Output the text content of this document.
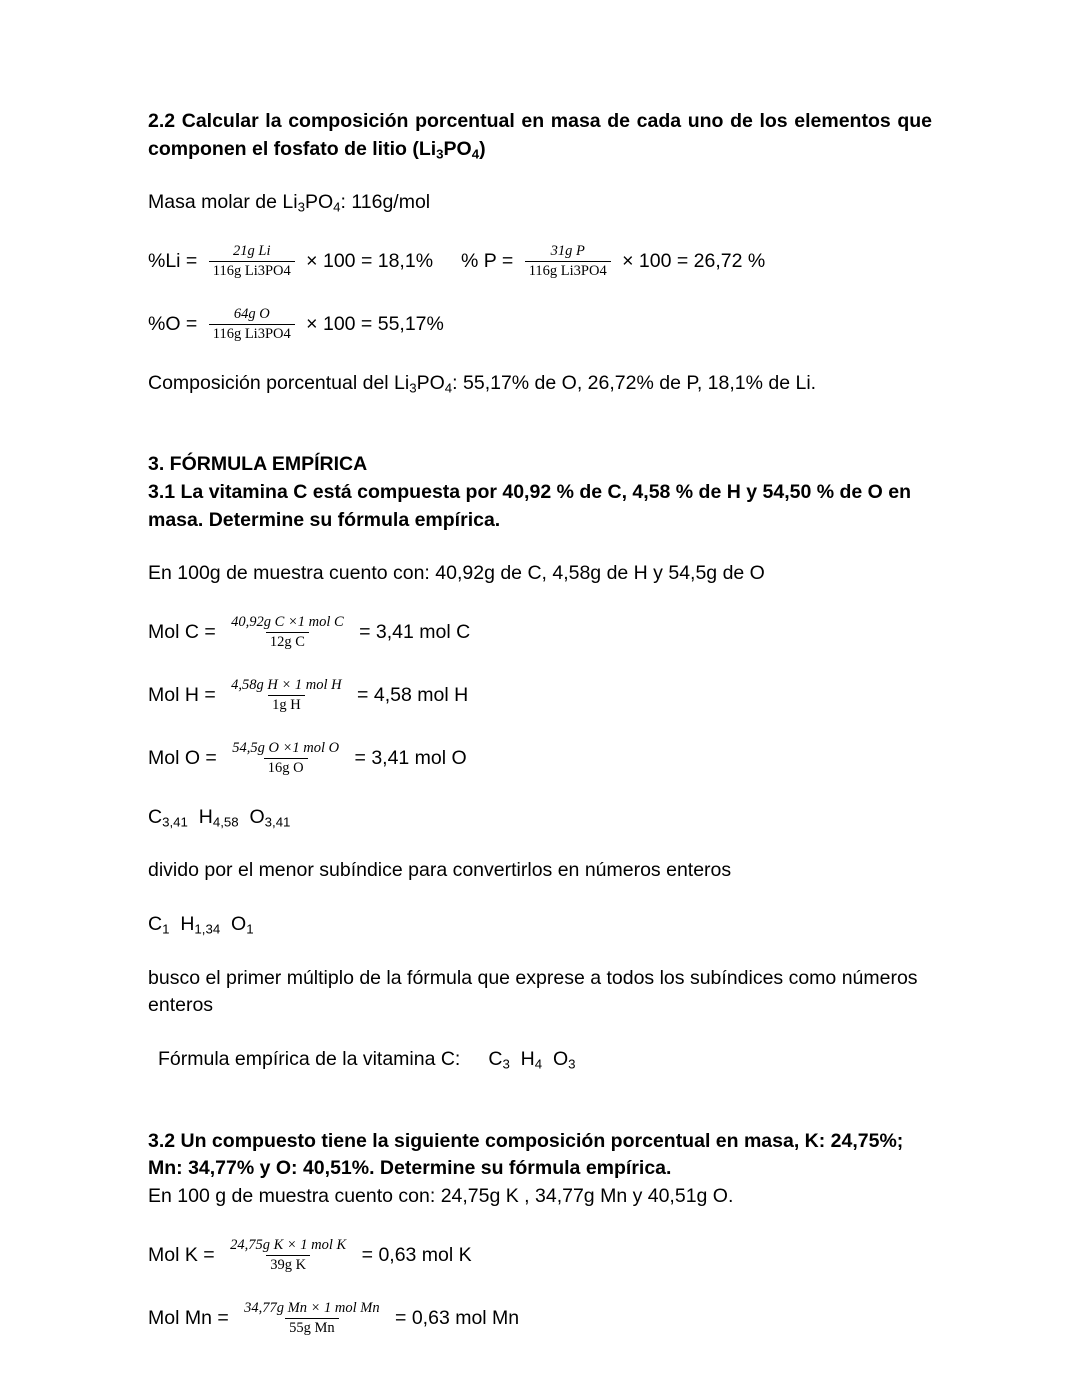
2.2 Calcular la composición porcentual en masa de cada uno de los elementos que componen el fosfato de litio $(Li_3PO_4)$
Masa molar de $Li_3PO_4$: 116g/mol
$\%Li = \frac{\text{21g Li}}{\text{116g Li3PO4}} \times 100 = 18,1\%$ % $P = \frac{\text{31g P}}{\text{116g Li3PO4}} \times 100 = 26,72$ %
$\%O = \frac{\text{64g O}}{\text{116g Li3PO4}} \times 100 = 55,17\%$
Composición porcentual del $Li_3PO_4$: 55,17% de O, 26,72% de P, 18,1% de Li.
3. FÓRMULA EMPÍRICA
3.1 La vitamina C está compuesta por 40,92 % de C, 4,58 % de H y 54,50 % de O en masa. Determine su fórmula empírica.
En 100g de muestra cuento con: 40,92g de C, 4,58g de H y 54,5g de O
Mol $C = \frac{\text{40,92g C ×1 mol C}}{\text{12g C}} = 3,41$ mol C
Mol $H = \frac{\text{4,58g H × 1 mol H}}{\text{1g H}} = 4,58$ mol H
Mol $O = \frac{\text{54,5g O ×1 mol O}}{\text{16g O}} = 3,41$ mol O
$C_{3,41}$ $H_{4,58}$ $O_{3,41}$
divido por el menor subíndice para convertirlos en números enteros
$C_1$ $H_{1,34}$ $O_1$
busco el primer múltiplo de la fórmula que exprese a todos los subíndices como números enteros
Fórmula empírica de la vitamina C: $C_3$ $H_4$ $O_3$
3.2 Un compuesto tiene la siguiente composición porcentual en masa, K: 24,75%; Mn: 34,77% y O: 40,51%. Determine su fórmula empírica.
En 100 g de muestra cuento con: 24,75g K , 34,77g Mn y 40,51g O.
Mol $K = \frac{\text{24,75g K × 1 mol K}}{\text{39g K}} = 0,63$ mol K
Mol $Mn = \frac{\text{34,77g Mn × 1 mol Mn}}{\text{55g Mn}} = 0,63$ mol Mn
